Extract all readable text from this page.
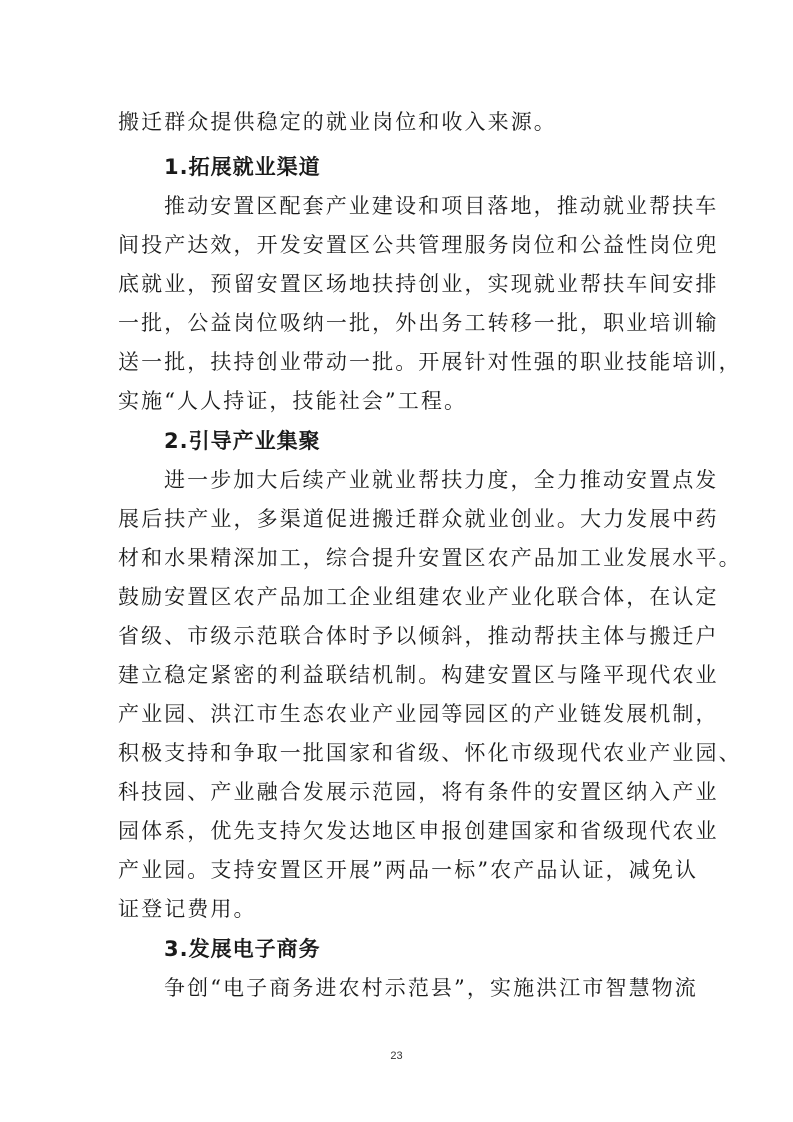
搬迁群众提供稳定的就业岗位和收入来源。
1.拓展就业渠道
推动安置区配套产业建设和项目落地，推动就业帮扶车
间投产达效，开发安置区公共管理服务岗位和公益性岗位兜
底就业，预留安置区场地扶持创业，实现就业帮扶车间安排
一批，公益岗位吸纳一批，外出务工转移一批，职业培训输
送一批，扶持创业带动一批。开展针对性强的职业技能培训，
实施“人人持证，技能社会”工程。
2.引导产业集聚
进一步加大后续产业就业帮扶力度，全力推动安置点发
展后扶产业，多渠道促进搬迁群众就业创业。大力发展中药
材和水果精深加工，综合提升安置区农产品加工业发展水平。
鼓励安置区农产品加工企业组建农业产业化联合体，在认定
省级、市级示范联合体时予以倾斜，推动帮扶主体与搬迁户
建立稳定紧密的利益联结机制。构建安置区与隆平现代农业
产业园、洪江市生态农业产业园等园区的产业链发展机制，
积极支持和争取一批国家和省级、怀化市级现代农业产业园、
科技园、产业融合发展示范园，将有条件的安置区纳入产业
园体系，优先支持欠发达地区申报创建国家和省级现代农业
产业园。支持安置区开展”两品一标”农产品认证，减免认
证登记费用。
3.发展电子商务
争创“电子商务进农村示范县”，实施洪江市智慧物流
23
